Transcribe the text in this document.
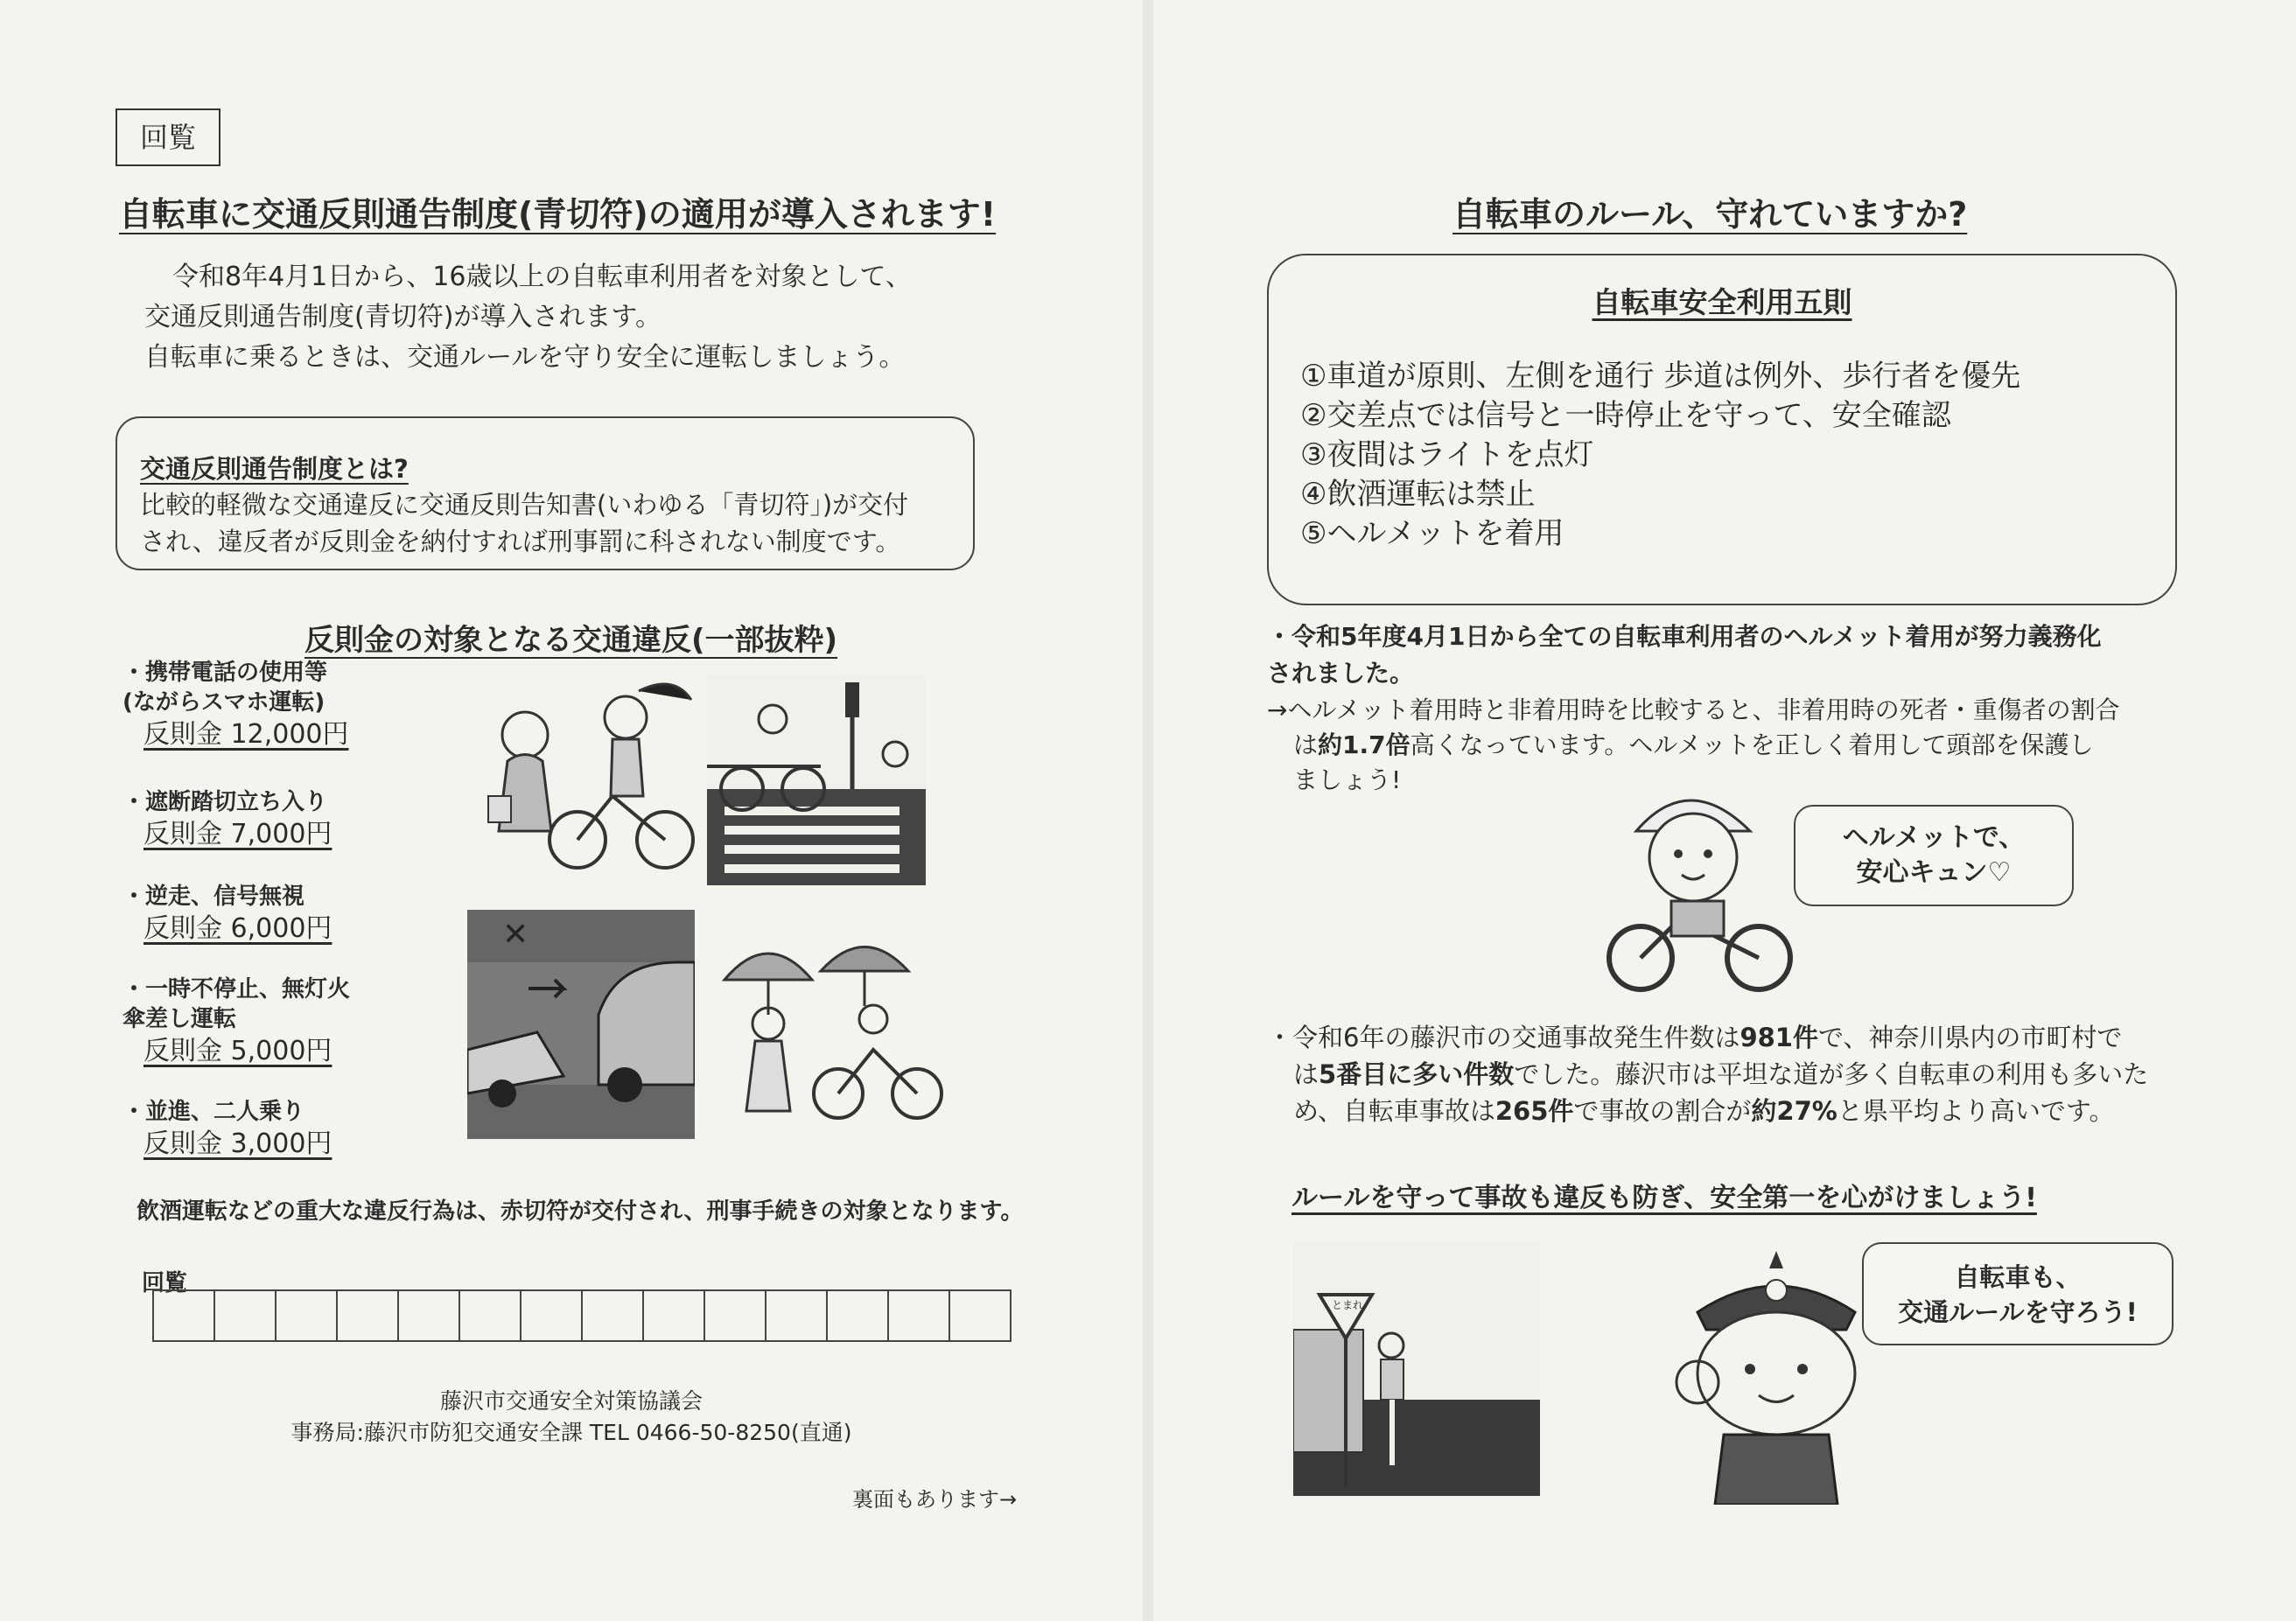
回覧
自転車に交通反則通告制度(青切符)の適用が導入されます!
令和8年4月1日から、16歳以上の自転車利用者を対象として、
交通反則通告制度(青切符)が導入されます。
自転車に乗るときは、交通ルールを守り安全に運転しましょう。
交通反則通告制度とは?
比較的軽微な交通違反に交通反則告知書(いわゆる「青切符」)が交付
され、違反者が反則金を納付すれば刑事罰に科されない制度です。
反則金の対象となる交通違反(一部抜粋)
・携帯電話の使用等
(ながらスマホ運転)
反則金 12,000円
・遮断踏切立ち入り
反則金 7,000円
・逆走、信号無視
反則金 6,000円
・一時不停止、無灯火
傘差し運転
反則金 5,000円
・並進、二人乗り
反則金 3,000円
✕
飲酒運転などの重大な違反行為は、赤切符が交付され、刑事手続きの対象となります。
回覧
藤沢市交通安全対策協議会
事務局:藤沢市防犯交通安全課 TEL 0466-50-8250(直通)
裏面もあります→
自転車のルール、守れていますか?
自転車安全利用五則
①車道が原則、左側を通行 歩道は例外、歩行者を優先
②交差点では信号と一時停止を守って、安全確認
③夜間はライトを点灯
④飲酒運転は禁止
⑤ヘルメットを着用
・令和5年度4月1日から全ての自転車利用者のヘルメット着用が努力義務化
されました。
→ヘルメット着用時と非着用時を比較すると、非着用時の死者・重傷者の割合
は約1.7倍高くなっています。ヘルメットを正しく着用して頭部を保護し
ましょう!
ヘルメットで、
安心キュン♡
・令和6年の藤沢市の交通事故発生件数は981件で、神奈川県内の市町村で
は5番目に多い件数でした。藤沢市は平坦な道が多く自転車の利用も多いた
め、自転車事故は265件で事故の割合が約27%と県平均より高いです。
ルールを守って事故も違反も防ぎ、安全第一を心がけましょう!
とまれ
自転車も、
交通ルールを守ろう!
